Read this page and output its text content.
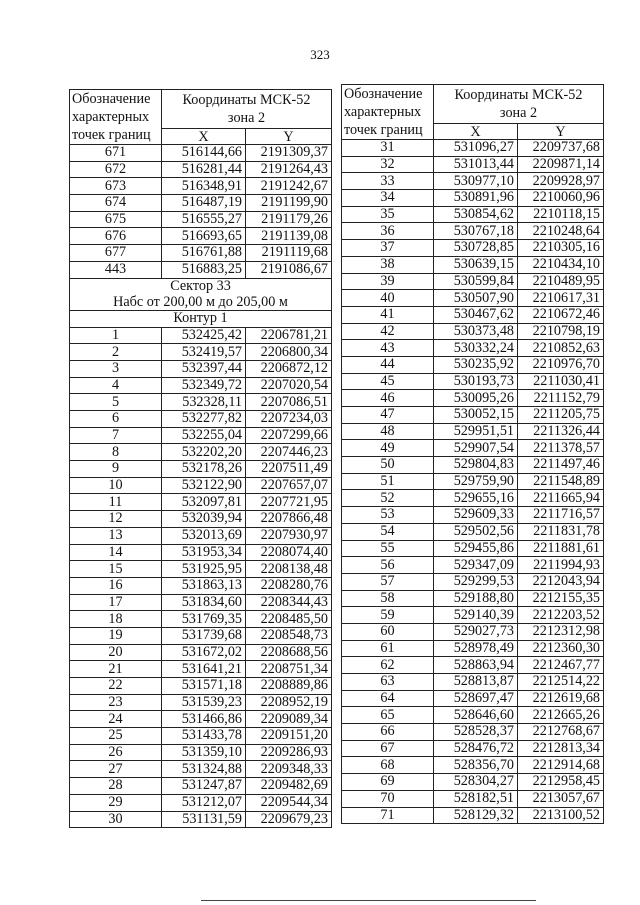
323
Обозначение
характерных
точек границ	Координаты МСК-52
зона 2	
	X	Y
671	516144,66	2191309,37
672	516281,44	2191264,43
673	516348,91	2191242,67
674	516487,19	2191199,90
675	516555,27	2191179,26
676	516693,65	2191139,08
677	516761,88	2191119,68
443	516883,25	2191086,67
Сектор 33		
Набс от 200,00 м до 205,00 м		
Контур 1		
1	532425,42	2206781,21
2	532419,57	2206800,34
3	532397,44	2206872,12
4	532349,72	2207020,54
5	532328,11	2207086,51
6	532277,82	2207234,03
7	532255,04	2207299,66
8	532202,20	2207446,23
9	532178,26	2207511,49
10	532122,90	2207657,07
11	532097,81	2207721,95
12	532039,94	2207866,48
13	532013,69	2207930,97
14	531953,34	2208074,40
15	531925,95	2208138,48
16	531863,13	2208280,76
17	531834,60	2208344,43
18	531769,35	2208485,50
19	531739,68	2208548,73
20	531672,02	2208688,56
21	531641,21	2208751,34
22	531571,18	2208889,86
23	531539,23	2208952,19
24	531466,86	2209089,34
25	531433,78	2209151,20
26	531359,10	2209286,93
27	531324,88	2209348,33
28	531247,87	2209482,69
29	531212,07	2209544,34
30	531131,59	2209679,23
Обозначение
характерных
точек границ	Координаты МСК-52
зона 2	
	X	Y
31	531096,27	2209737,68
32	531013,44	2209871,14
33	530977,10	2209928,97
34	530891,96	2210060,96
35	530854,62	2210118,15
36	530767,18	2210248,64
37	530728,85	2210305,16
38	530639,15	2210434,10
39	530599,84	2210489,95
40	530507,90	2210617,31
41	530467,62	2210672,46
42	530373,48	2210798,19
43	530332,24	2210852,63
44	530235,92	2210976,70
45	530193,73	2211030,41
46	530095,26	2211152,79
47	530052,15	2211205,75
48	529951,51	2211326,44
49	529907,54	2211378,57
50	529804,83	2211497,46
51	529759,90	2211548,89
52	529655,16	2211665,94
53	529609,33	2211716,57
54	529502,56	2211831,78
55	529455,86	2211881,61
56	529347,09	2211994,93
57	529299,53	2212043,94
58	529188,80	2212155,35
59	529140,39	2212203,52
60	529027,73	2212312,98
61	528978,49	2212360,30
62	528863,94	2212467,77
63	528813,87	2212514,22
64	528697,47	2212619,68
65	528646,60	2212665,26
66	528528,37	2212768,67
67	528476,72	2212813,34
68	528356,70	2212914,68
69	528304,27	2212958,45
70	528182,51	2213057,67
71	528129,32	2213100,52
